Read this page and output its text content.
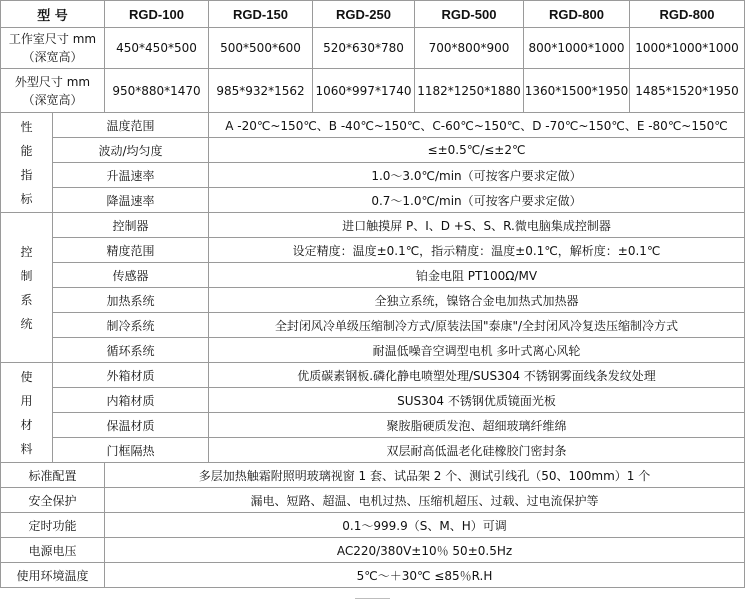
型 号		RGD-100	RGD-150	RGD-250	RGD-500	RGD-800	RGD-800

工作室尺寸 mm
（深宽高）		450*450*500	500*500*600	520*630*780	700*800*900	800*1000*1000	1000*1000*1000

外型尺寸 mm
（深宽高）		950*880*1470	985*932*1562	1060*997*1740	1182*1250*1880	1360*1500*1950	1485*1520*1950

性
能
指
标	温度范围		A -20℃~150℃、B -40℃~150℃、C-60℃~150℃、D -70℃~150℃、E -80℃~150℃				
	波动/均匀度		≤±0.5℃/≤±2℃				
	升温速率		1.0～3.0℃/min（可按客户要求定做）				
	降温速率		0.7～1.0℃/min（可按客户要求定做）				

控
制
系
统	控制器		进口触摸屏 P、I、D +S、S、R.微电脑集成控制器				
	精度范围		设定精度：温度±0.1℃，指示精度：温度±0.1℃，解析度：±0.1℃				
	传感器		铂金电阻 PT100Ω/MV				
	加热系统		全独立系统，镍铬合金电加热式加热器				
	制冷系统		全封闭风冷单级压缩制冷方式/原装法国"泰康"/全封闭风冷复迭压缩制冷方式				
	循环系统		耐温低噪音空调型电机 多叶式离心风轮				

使
用
材
料	外箱材质		优质碳素钢板.磷化静电喷塑处理/SUS304 不锈钢雾面线条发纹处理				
	内箱材质		SUS304 不锈钢优质镜面光板				
	保温材质		聚胺脂硬质发泡、超细玻璃纤维绵				
	门框隔热		双层耐高低温老化硅橡胶门密封条				
标准配置		多层加热触霜附照明玻璃视窗 1 套、试品架 2 个、测试引线孔（50、100mm）1 个					
安全保护		漏电、短路、超温、电机过热、压缩机超压、过载、过电流保护等					
定时功能		0.1～999.9（S、M、H）可调					
电源电压		AC220/380V±10％ 50±0.5Hz					
使用环境温度		5℃～＋30℃ ≤85％R.H					
